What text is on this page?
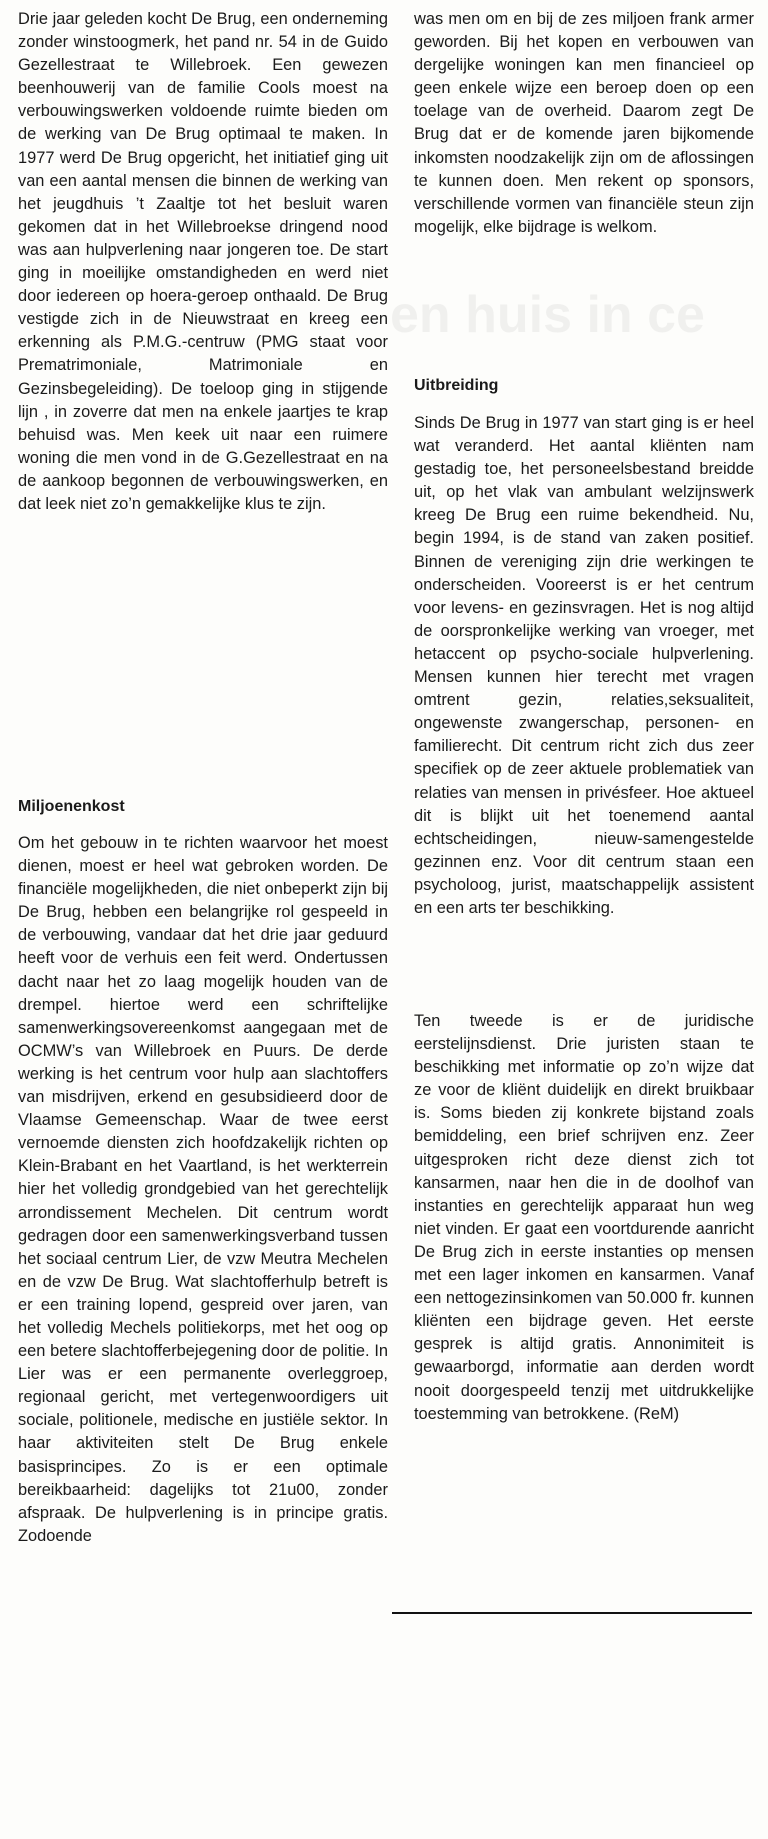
en huis in ce

Drie jaar geleden kocht De Brug, een onderneming zonder winstoogmerk, het pand nr. 54 in de Guido Gezellestraat te Willebroek. Een gewezen beenhouwerij van de familie Cools moest na verbouwingswerken voldoende ruimte bieden om de werking van De Brug optimaal te maken. In 1977 werd De Brug opgericht, het initiatief ging uit van een aantal mensen die binnen de werking van het jeugdhuis ’t Zaaltje tot het besluit waren gekomen dat in het Willebroekse dringend nood was aan hulpverlening naar jongeren toe. De start ging in moeilijke omstandigheden en werd niet door iedereen op hoera-geroep onthaald. De Brug vestigde zich in de Nieuwstraat en kreeg een erkenning als P.M.G.-centruw (PMG staat voor Prematrimoniale, Matrimoniale en Gezinsbegeleiding). De toeloop ging in stijgende lijn , in zoverre dat men na enkele jaartjes te krap behuisd was. Men keek uit naar een ruimere woning die men vond in de G.Gezellestraat en na de aankoop begonnen de verbouwingswerken, en dat leek niet zo’n gemakkelijke klus te zijn.

Miljoenenkost

Om het gebouw in te richten waarvoor het moest dienen, moest er heel wat gebroken worden. De financiële mogelijkheden, die niet onbeperkt zijn bij De Brug, hebben een belangrijke rol gespeeld in de verbouwing, vandaar dat het drie jaar geduurd heeft voor de verhuis een feit werd. Ondertussen dacht naar het zo laag mogelijk houden van de drempel. hiertoe werd een schriftelijke samenwerkingsovereenkomst aangegaan met de OCMW’s van Willebroek en Puurs. De derde werking is het centrum voor hulp aan slachtoffers van misdrijven, erkend en gesubsidieerd door de Vlaamse Gemeenschap. Waar de twee eerst vernoemde diensten zich hoofdzakelijk richten op Klein-Brabant en het Vaartland, is het werkterrein hier het volledig grondgebied van het gerechtelijk arrondissement Mechelen. Dit centrum wordt gedragen door een samenwerkingsverband tussen het sociaal centrum Lier, de vzw Meutra Mechelen en de vzw De Brug. Wat slachtofferhulp betreft is er een training lopend, gespreid over jaren, van het volledig Mechels politiekorps, met het oog op een betere slachtofferbejegening door de politie. In Lier was er een permanente overleggroep, regionaal gericht, met vertegenwoordigers uit sociale, politionele, medische en justiële sektor. In haar aktiviteiten stelt De Brug enkele basisprincipes. Zo is er een optimale bereikbaarheid: dagelijks tot 21u00, zonder afspraak. De hulpverlening is in principe gratis. Zodoende

was men om en bij de zes miljoen frank armer geworden. Bij het kopen en verbouwen van dergelijke woningen kan men financieel op geen enkele wijze een beroep doen op een toelage van de overheid. Daarom zegt De Brug dat er de komende jaren bijkomende inkomsten noodzakelijk zijn om de aflossingen te kunnen doen. Men rekent op sponsors, verschillende vormen van financiële steun zijn mogelijk, elke bijdrage is welkom.

Uitbreiding

Sinds De Brug in 1977 van start ging is er heel wat veranderd. Het aantal kliënten nam gestadig toe, het personeelsbestand breidde uit, op het vlak van ambulant welzijnswerk kreeg De Brug een ruime bekendheid. Nu, begin 1994, is de stand van zaken positief. Binnen de vereniging zijn drie werkingen te onderscheiden. Vooreerst is er het centrum voor levens- en gezinsvragen. Het is nog altijd de oorspronkelijke werking van vroeger, met hetaccent op psycho-sociale hulpverlening. Mensen kunnen hier terecht met vragen omtrent gezin, relaties,seksualiteit, ongewenste zwangerschap, personen- en familierecht. Dit centrum richt zich dus zeer specifiek op de zeer aktuele problematiek van relaties van mensen in privésfeer. Hoe aktueel dit is blijkt uit het toenemend aantal echtscheidingen, nieuw-samengestelde gezinnen enz. Voor dit centrum staan een psycholoog, jurist, maatschappelijk assistent en een arts ter beschikking.

Ten tweede is er de juridische eerstelijnsdienst. Drie juristen staan te beschikking met informatie op zo’n wijze dat ze voor de kliënt duidelijk en direkt bruikbaar is. Soms bieden zij konkrete bijstand zoals bemiddeling, een brief schrijven enz. Zeer uitgesproken richt deze dienst zich tot kansarmen, naar hen die in de doolhof van instanties en gerechtelijk apparaat hun weg niet vinden. Er gaat een voortdurende aanricht De Brug zich in eerste instanties op mensen met een lager inkomen en kansarmen. Vanaf een nettogezinsinkomen van 50.000 fr. kunnen kliënten een bijdrage geven. Het eerste gesprek is altijd gratis. Annonimiteit is gewaarborgd, informatie aan derden wordt nooit doorgespeeld tenzij met uitdrukkelijke toestemming van betrokkene. (ReM)
